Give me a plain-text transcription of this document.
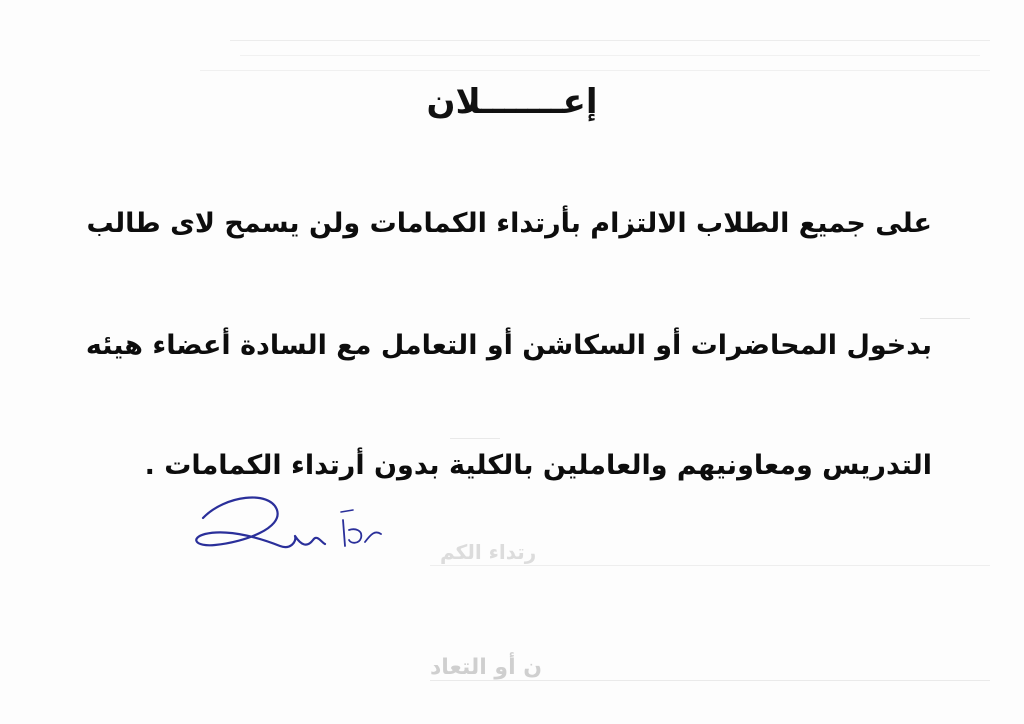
رتداء الكم
ن أو التعاد
إعـــــــلان
على جميع الطلاب الالتزام بأرتداء الكمامات ولن يسمح لاى طالب
بدخول المحاضرات أو السكاشن أو التعامل مع السادة أعضاء هيئه
التدريس ومعاونيهم والعاملين بالكلية بدون أرتداء الكمامات .
